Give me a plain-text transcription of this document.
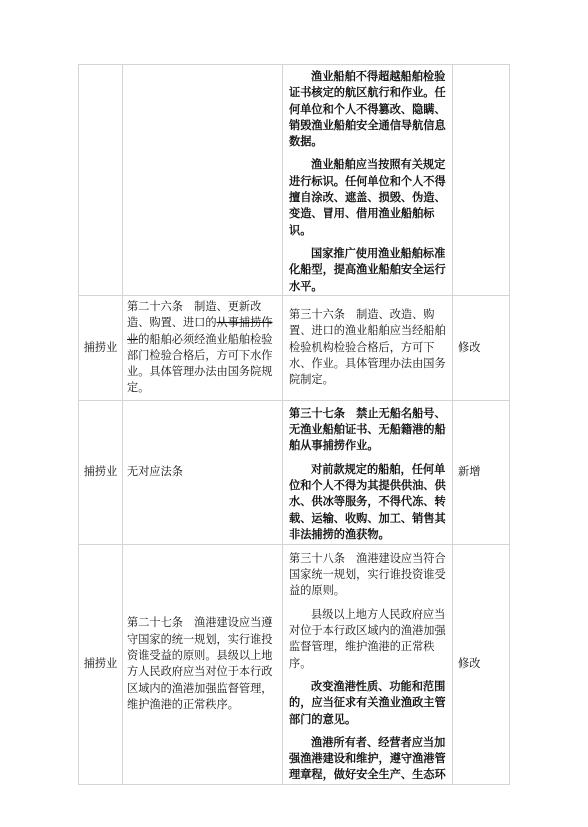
		渔业船舶不得超越船舶检验证书核定的航区航行和作业。任何单位和个人不得篡改、隐瞒、销毁渔业船舶安全通信导航信息数据。

渔业船舶应当按照有关规定进行标识。任何单位和个人不得擅自涂改、遮盖、损毁、伪造、变造、冒用、借用渔业船舶标识。

国家推广使用渔业船舶标准化船型，提高渔业船舶安全运行水平。	

捕捞业	第二十六条　制造、更新改造、购置、进口的从事捕捞作业的船舶必须经渔业船舶检验部门检验合格后，方可下水作业。具体管理办法由国务院规定。	第三十六条　制造、改造、购置、进口的渔业船舶应当经船舶检验机构检验合格后，方可下水、作业。具体管理办法由国务院制定。	修改
捕捞业	无对应法条	第三十七条　禁止无船名船号、无渔业船舶证书、无船籍港的船舶从事捕捞作业。

对前款规定的船舶，任何单位和个人不得为其提供供油、供水、供冰等服务，不得代冻、转载、运输、收购、加工、销售其非法捕捞的渔获物。	新增
捕捞业	第二十七条　渔港建设应当遵守国家的统一规划，实行谁投资谁受益的原则。县级以上地方人民政府应当对位于本行政区域内的渔港加强监督管理，维护渔港的正常秩序。	第三十八条　渔港建设应当符合国家统一规划，实行谁投资谁受益的原则。

县级以上地方人民政府应当对位于本行政区域内的渔港加强监督管理，维护渔港的正常秩序。

改变渔港性质、功能和范围的，应当征求有关渔业渔政主管部门的意见。

渔港所有者、经营者应当加强渔港建设和维护，遵守渔港管理章程，做好安全生产、生态环	修改
